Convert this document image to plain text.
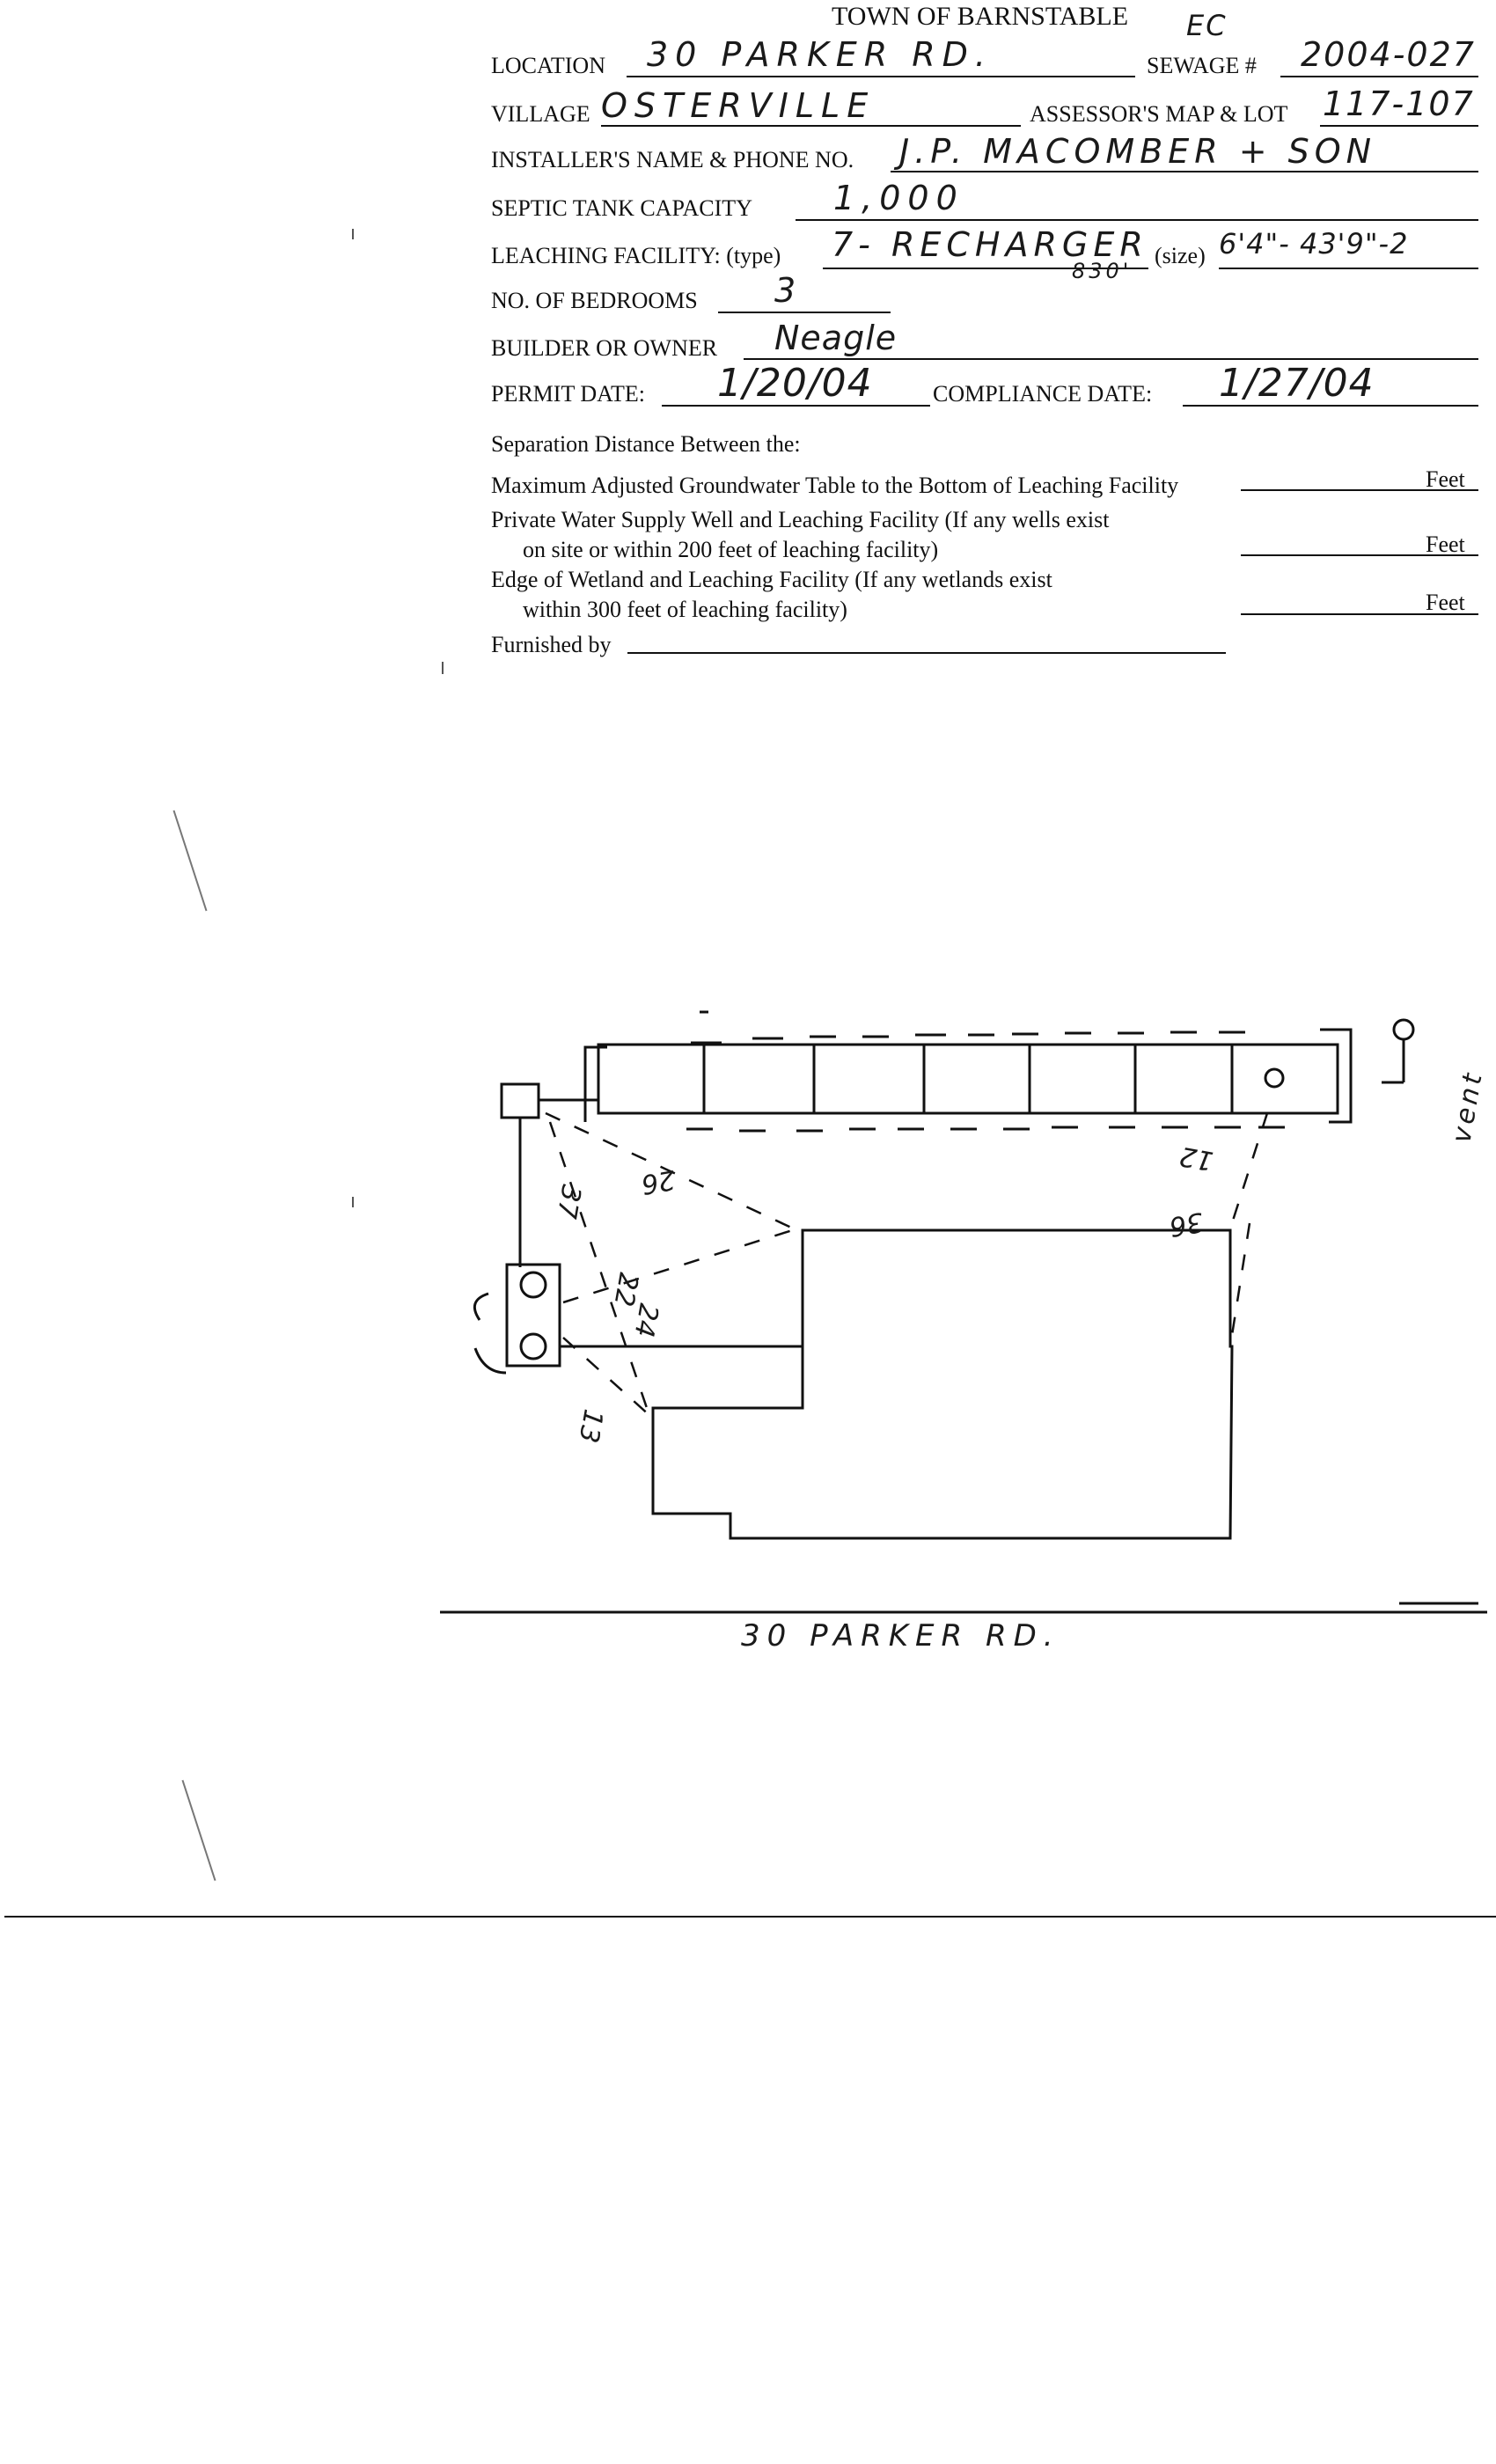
TOWN OF BARNSTABLE EC
LOCATION 30 PARKER RD.	SEWAGE # 2004-027
VILLAGE OSTERVILLE	ASSESSOR'S MAP & LOT 117-107
INSTALLER'S NAME & PHONE NO. J.P. MACOMBER + SON
SEPTIC TANK CAPACITY 1,000
LEACHING FACILITY: (type) 7- RECHARGER
830'
(size) 6'4"- 43'9"-2
NO. OF BEDROOMS 3
BUILDER OR OWNER Neagle
PERMIT DATE: 1/20/04	COMPLIANCE DATE: 1/27/04
Separation Distance Between the:
Maximum Adjusted Groundwater Table to the Bottom of Leaching Facility	Feet
Private Water Supply Well and Leaching Facility (If any wells exist
on site or within 200 feet of leaching facility)	Feet
Edge of Wetland and Leaching Facility (If any wetlands exist
within 300 feet of leaching facility)	Feet
Furnished by
26
37
22
24
13
12
36
vent
30 PARKER RD.
